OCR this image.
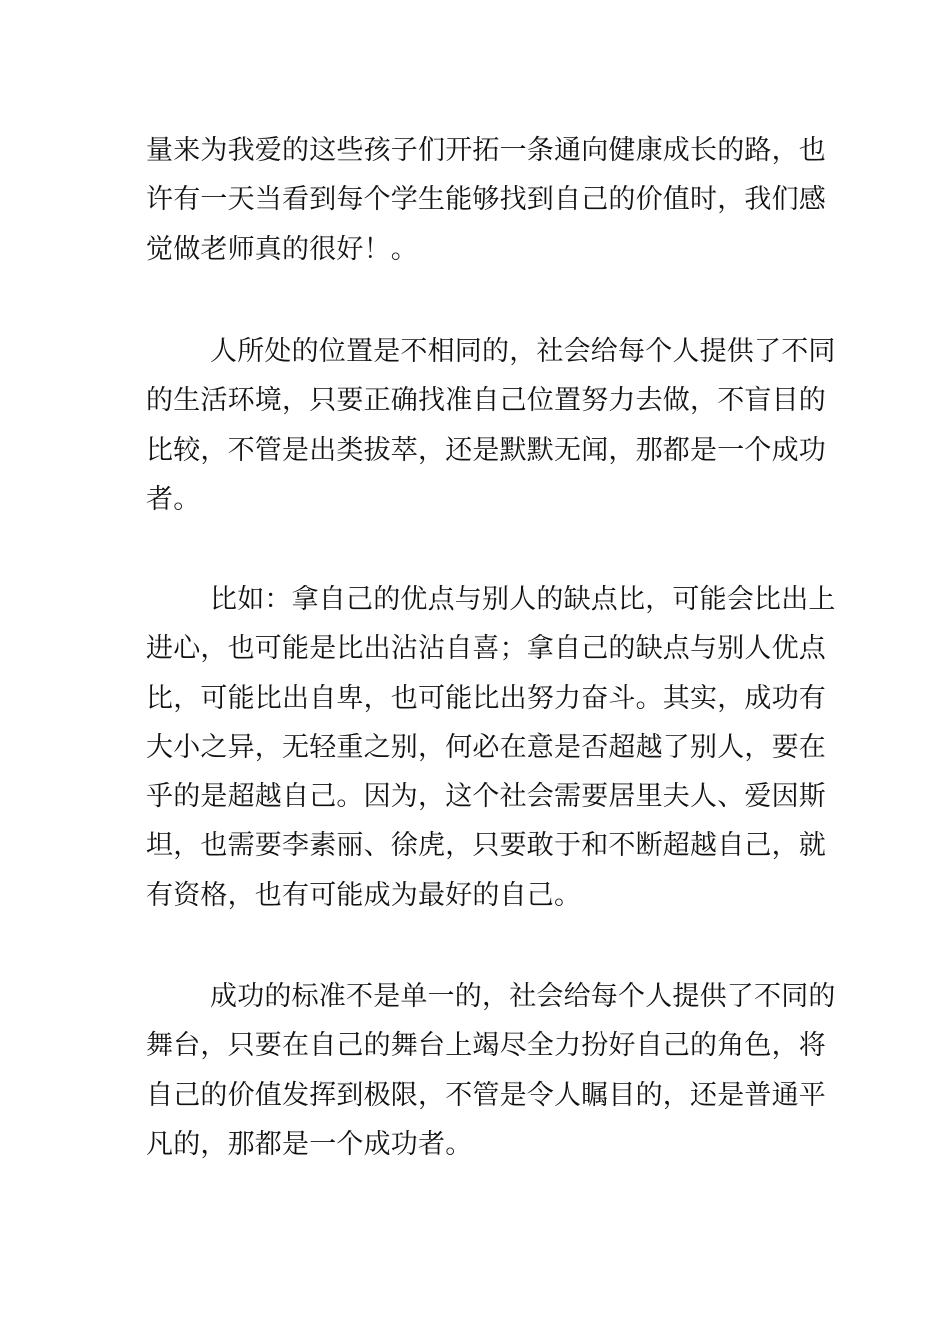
量来为我爱的这些孩子们开拓一条通向健康成长的路，也
许有一天当看到每个学生能够找到自己的价值时，我们感
觉做老师真的很好！。
人所处的位置是不相同的，社会给每个人提供了不同
的生活环境，只要正确找准自己位置努力去做，不盲目的
比较，不管是出类拔萃，还是默默无闻，那都是一个成功
者。
比如：拿自己的优点与别人的缺点比，可能会比出上
进心，也可能是比出沾沾自喜；拿自己的缺点与别人优点
比，可能比出自卑，也可能比出努力奋斗。其实，成功有
大小之异，无轻重之别，何必在意是否超越了别人，要在
乎的是超越自己。因为，这个社会需要居里夫人、爱因斯
坦，也需要李素丽、徐虎，只要敢于和不断超越自己，就
有资格，也有可能成为最好的自己。
成功的标准不是单一的，社会给每个人提供了不同的
舞台，只要在自己的舞台上竭尽全力扮好自己的角色，将
自己的价值发挥到极限，不管是令人瞩目的，还是普通平
凡的，那都是一个成功者。
